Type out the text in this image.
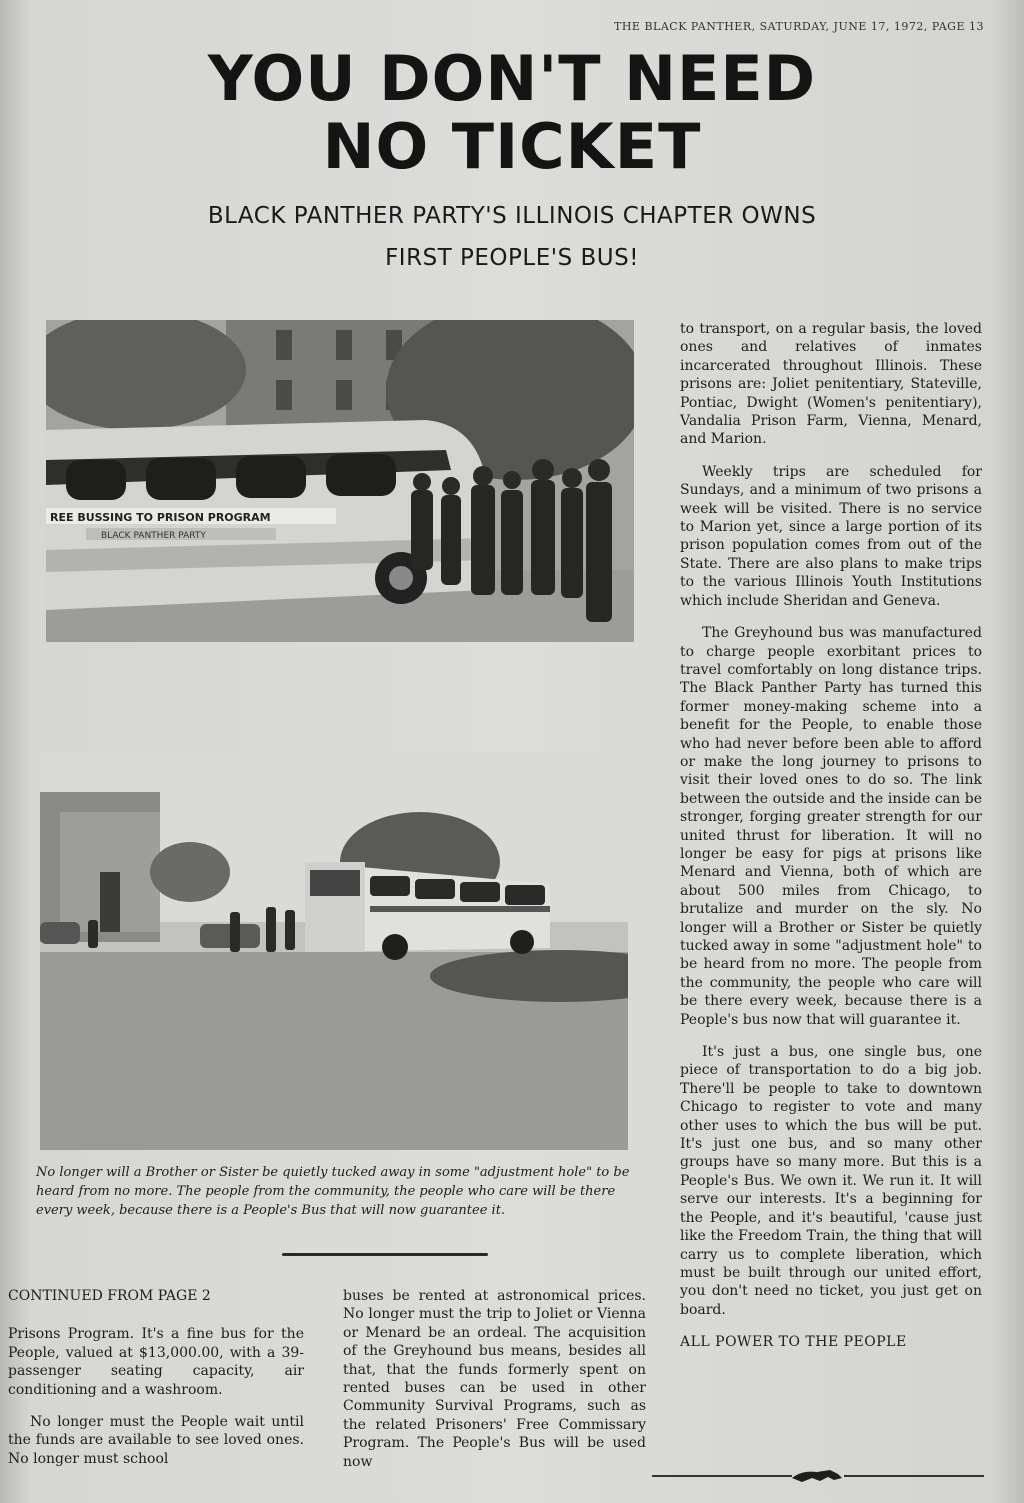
THE BLACK PANTHER, SATURDAY, JUNE 17, 1972, PAGE 13
YOU DON'T NEED
NO TICKET
BLACK PANTHER PARTY'S ILLINOIS CHAPTER OWNS
FIRST PEOPLE'S BUS!
REE BUSSING TO PRISON PROGRAM
BLACK PANTHER PARTY
No longer will a Brother or Sister be quietly tucked away in some "adjustment hole" to be heard from no more. The people from the community, the people who care will be there every week, because there is a People's Bus that will now guarantee it.

to transport, on a regular basis, the loved ones and relatives of inmates incarcerated throughout Illinois. These prisons are: Joliet penitentiary, Stateville, Pontiac, Dwight (Women's penitentiary), Vandalia Prison Farm, Vienna, Menard, and Marion.

Weekly trips are scheduled for Sundays, and a minimum of two prisons a week will be visited. There is no service to Marion yet, since a large portion of its prison population comes from out of the State. There are also plans to make trips to the various Illinois Youth Institutions which include Sheridan and Geneva.

The Greyhound bus was manufactured to charge people exorbitant prices to travel comfortably on long distance trips. The Black Panther Party has turned this former money-making scheme into a benefit for the People, to enable those who had never before been able to afford or make the long journey to prisons to visit their loved ones to do so. The link between the outside and the inside can be stronger, forging greater strength for our united thrust for liberation. It will no longer be easy for pigs at prisons like Menard and Vienna, both of which are about 500 miles from Chicago, to brutalize and murder on the sly. No longer will a Brother or Sister be quietly tucked away in some "adjustment hole" to be heard from no more. The people from the community, the people who care will be there every week, because there is a People's bus now that will guarantee it.

It's just a bus, one single bus, one piece of transportation to do a big job. There'll be people to take to downtown Chicago to register to vote and many other uses to which the bus will be put. It's just one bus, and so many other groups have so many more. But this is a People's Bus. We own it. We run it. It will serve our interests. It's a beginning for the People, and it's beautiful, 'cause just like the Freedom Train, the thing that will carry us to complete liberation, which must be built through our united effort, you don't need no ticket, you just get on board.

ALL POWER TO THE PEOPLE

CONTINUED FROM PAGE 2

Prisons Program. It's a fine bus for the People, valued at $13,000.00, with a 39-passenger seating capacity, air conditioning and a washroom.

No longer must the People wait until the funds are available to see loved ones. No longer must school

buses be rented at astronomical prices. No longer must the trip to Joliet or Vienna or Menard be an ordeal. The acquisition of the Greyhound bus means, besides all that, that the funds formerly spent on rented buses can be used in other Community Survival Programs, such as the related Prisoners' Free Commissary Program. The People's Bus will be used now
